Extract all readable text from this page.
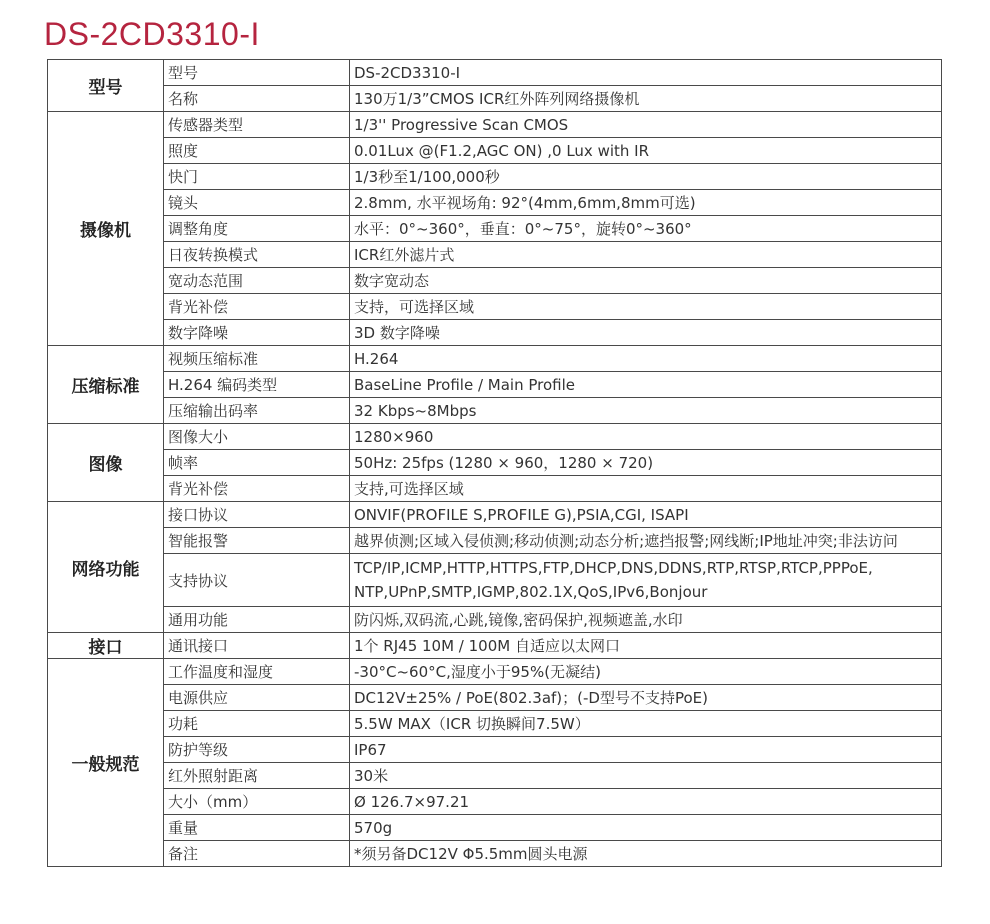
DS-2CD3310-I
型号	型号	DS-2CD3310-I
	名称	130万1/3”CMOS ICR红外阵列网络摄像机
摄像机	传感器类型	1/3'' Progressive Scan CMOS
	照度	0.01Lux @(F1.2,AGC ON) ,0 Lux with IR
	快门	1/3秒至1/100,000秒
	镜头	2.8mm, 水平视场角: 92°(4mm,6mm,8mm可选)
	调整角度	水平：0°~360°，垂直：0°~75°，旋转0°~360°
	日夜转换模式	ICR红外滤片式
	宽动态范围	数字宽动态
	背光补偿	支持，可选择区域
	数字降噪	3D 数字降噪
压缩标准	视频压缩标准	H.264
	H.264 编码类型	BaseLine Profile / Main Profile
	压缩输出码率	32 Kbps~8Mbps
图像	图像大小	1280×960
	帧率	50Hz: 25fps (1280 × 960，1280 × 720)
	背光补偿	支持,可选择区域
网络功能	接口协议	ONVIF(PROFILE S,PROFILE G),PSIA,CGI, ISAPI
	智能报警	越界侦测;区域入侵侦测;移动侦测;动态分析;遮挡报警;网线断;IP地址冲突;非法访问
	支持协议	TCP/IP,ICMP,HTTP,HTTPS,FTP,DHCP,DNS,DDNS,RTP,RTSP,RTCP,PPPoE, NTP,UPnP,SMTP,IGMP,802.1X,QoS,IPv6,Bonjour
	通用功能	防闪烁,双码流,心跳,镜像,密码保护,视频遮盖,水印
接口	通讯接口	1个 RJ45 10M / 100M 自适应以太网口
一般规范	工作温度和湿度	-30°C~60°C,湿度小于95%(无凝结)
	电源供应	DC12V±25% / PoE(802.3af)；(-D型号不支持PoE)
	功耗	5.5W MAX（ICR 切换瞬间7.5W）
	防护等级	IP67
	红外照射距离	30米
	大小（mm）	Ø 126.7×97.21
	重量	570g
	备注	*须另备DC12V Φ5.5mm圆头电源
